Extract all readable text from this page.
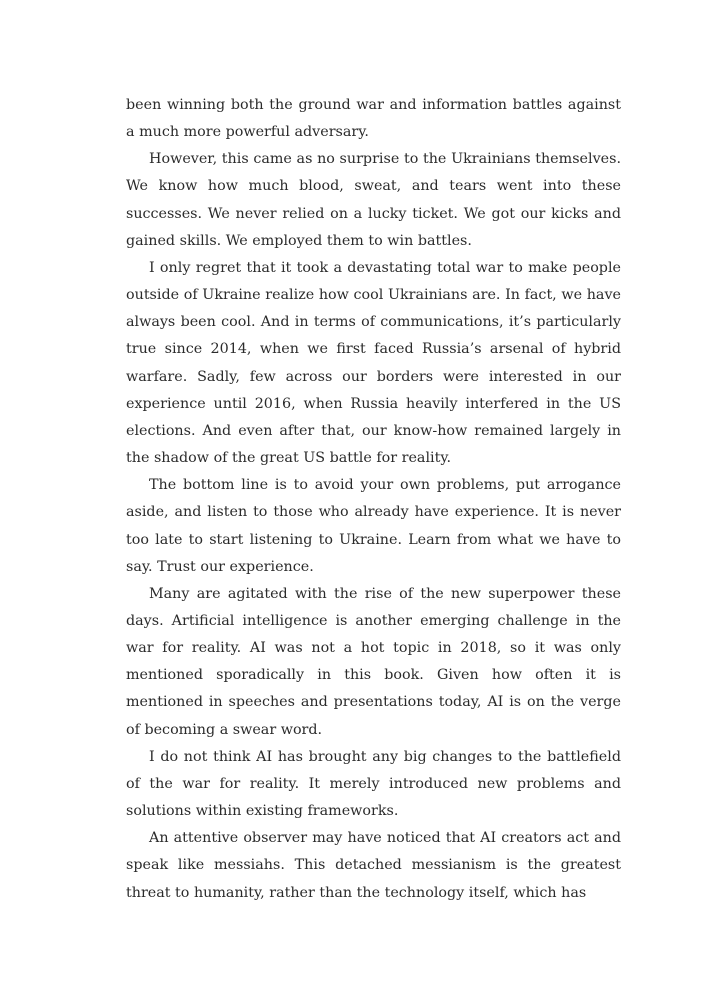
been winning both the ground war and information battles against a much more powerful adversary.

However, this came as no surprise to the Ukrainians themselves. We know how much blood, sweat, and tears went into these successes. We never relied on a lucky ticket. We got our kicks and gained skills. We employed them to win battles.

I only regret that it took a devastating total war to make people outside of Ukraine realize how cool Ukrainians are. In fact, we have always been cool. And in terms of communications, it’s particularly true since 2014, when we first faced Russia’s arsenal of hybrid warfare. Sadly, few across our borders were interested in our experience until 2016, when Russia heavily interfered in the US elections. And even after that, our know-how remained largely in the shadow of the great US battle for reality.

The bottom line is to avoid your own problems, put arrogance aside, and listen to those who already have experience. It is never too late to start listening to Ukraine. Learn from what we have to say. Trust our experience.

Many are agitated with the rise of the new superpower these days. Artificial intelligence is another emerging challenge in the war for reality. AI was not a hot topic in 2018, so it was only mentioned sporadically in this book. Given how often it is mentioned in speeches and presentations today, AI is on the verge of becoming a swear word.

I do not think AI has brought any big changes to the battlefield of the war for reality. It merely introduced new problems and solutions within existing frameworks.

An attentive observer may have noticed that AI creators act and speak like messiahs. This detached messianism is the greatest threat to humanity, rather than the technology itself, which has
